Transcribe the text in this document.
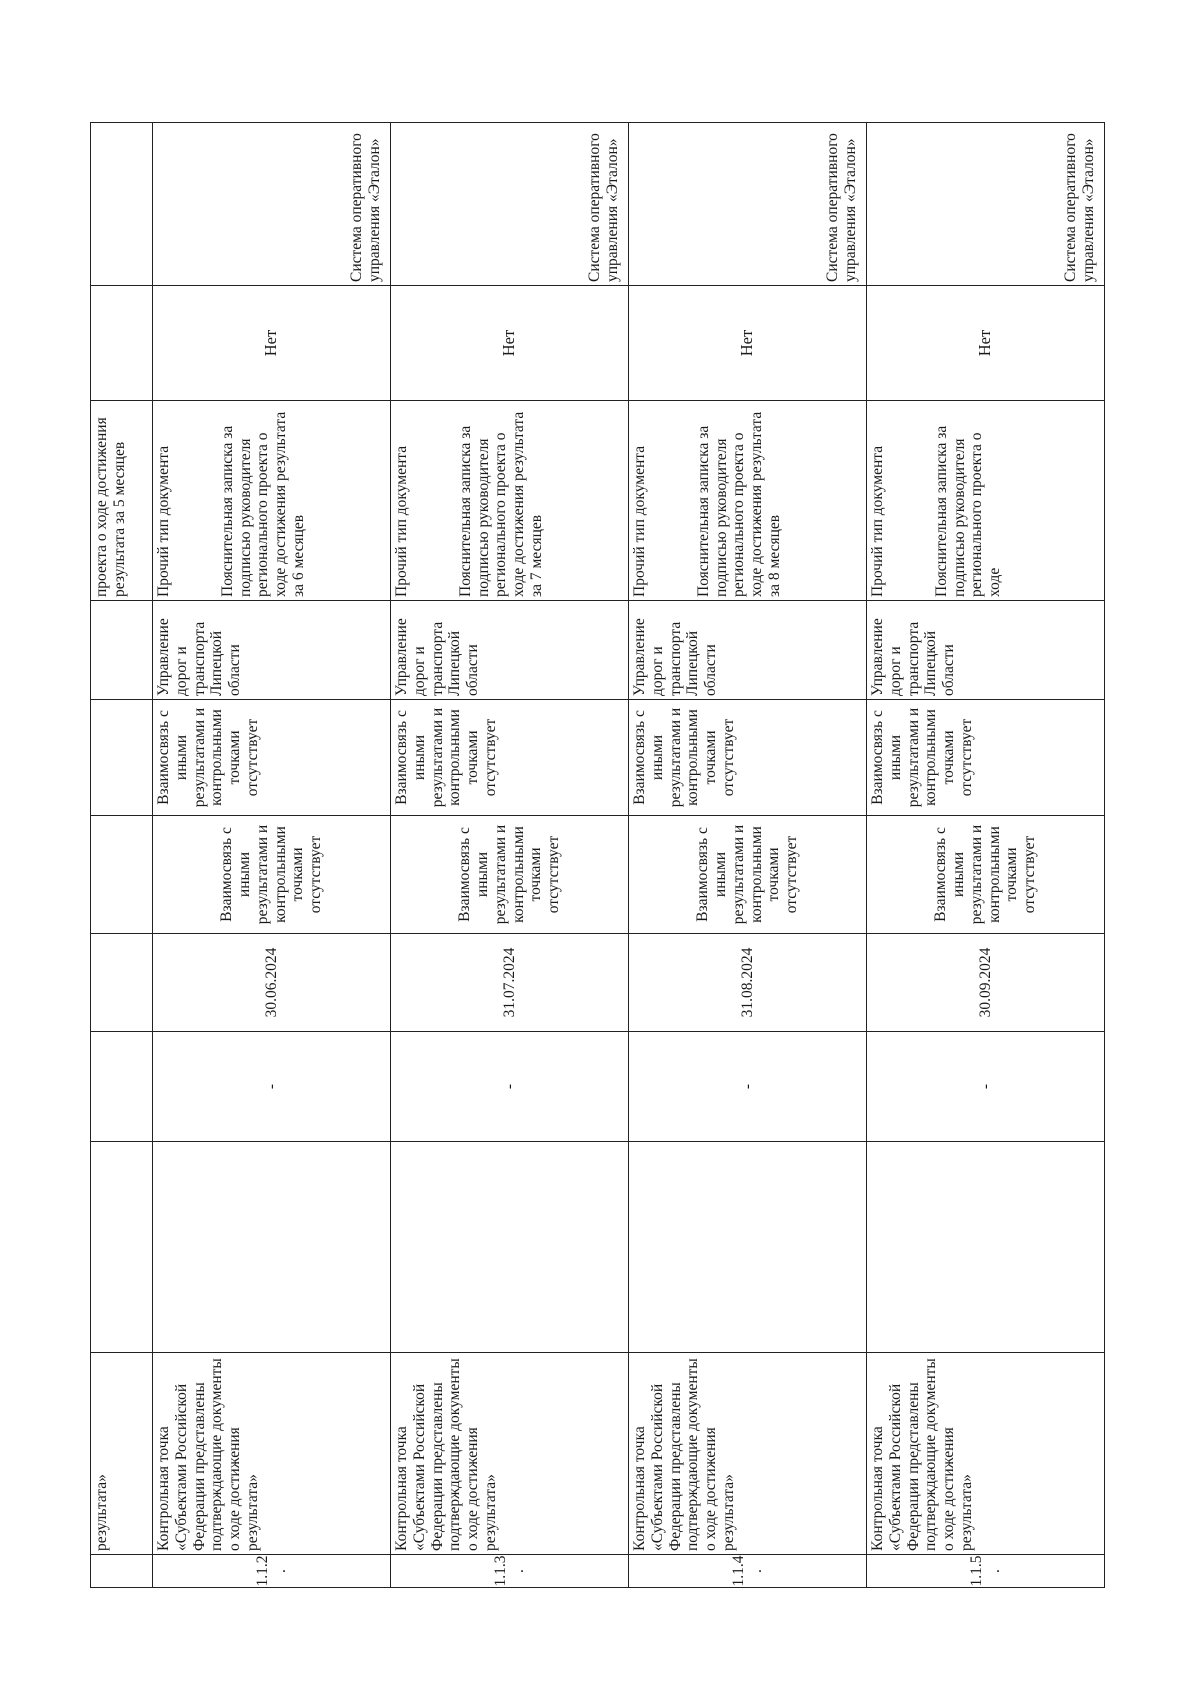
	результата»							проекта о ходе достижения результата за 5 месяцев		
1.1.2.	Контрольная точка «Субъектами Российской Федерации представлены подтверждающие документы о ходе достижения результата»		-	30.06.2024	Взаимосвязь с иными результатами и контрольными точками отсутствует	Взаимосвязь с иными результатами и контрольными точками отсутствует	Управление дорог и транспорта Липецкой области	Прочий тип документа Пояснительная записка за подписью руководителя регионального проекта о ходе достижения результата за 6 месяцев	Нет	Система оперативного управления «Эталон»
1.1.3.	Контрольная точка «Субъектами Российской Федерации представлены подтверждающие документы о ходе достижения результата»		-	31.07.2024	Взаимосвязь с иными результатами и контрольными точками отсутствует	Взаимосвязь с иными результатами и контрольными точками отсутствует	Управление дорог и транспорта Липецкой области	Прочий тип документа Пояснительная записка за подписью руководителя регионального проекта о ходе достижения результата за 7 месяцев	Нет	Система оперативного управления «Эталон»
1.1.4.	Контрольная точка «Субъектами Российской Федерации представлены подтверждающие документы о ходе достижения результата»		-	31.08.2024	Взаимосвязь с иными результатами и контрольными точками отсутствует	Взаимосвязь с иными результатами и контрольными точками отсутствует	Управление дорог и транспорта Липецкой области	Прочий тип документа Пояснительная записка за подписью руководителя регионального проекта о ходе достижения результата за 8 месяцев	Нет	Система оперативного управления «Эталон»
1.1.5.	Контрольная точка «Субъектами Российской Федерации представлены подтверждающие документы о ходе достижения результата»		-	30.09.2024	Взаимосвязь с иными результатами и контрольными точками отсутствует	Взаимосвязь с иными результатами и контрольными точками отсутствует	Управление дорог и транспорта Липецкой области	Прочий тип документа Пояснительная записка за подписью руководителя регионального проекта о ходе	Нет	Система оперативного управления «Эталон»
